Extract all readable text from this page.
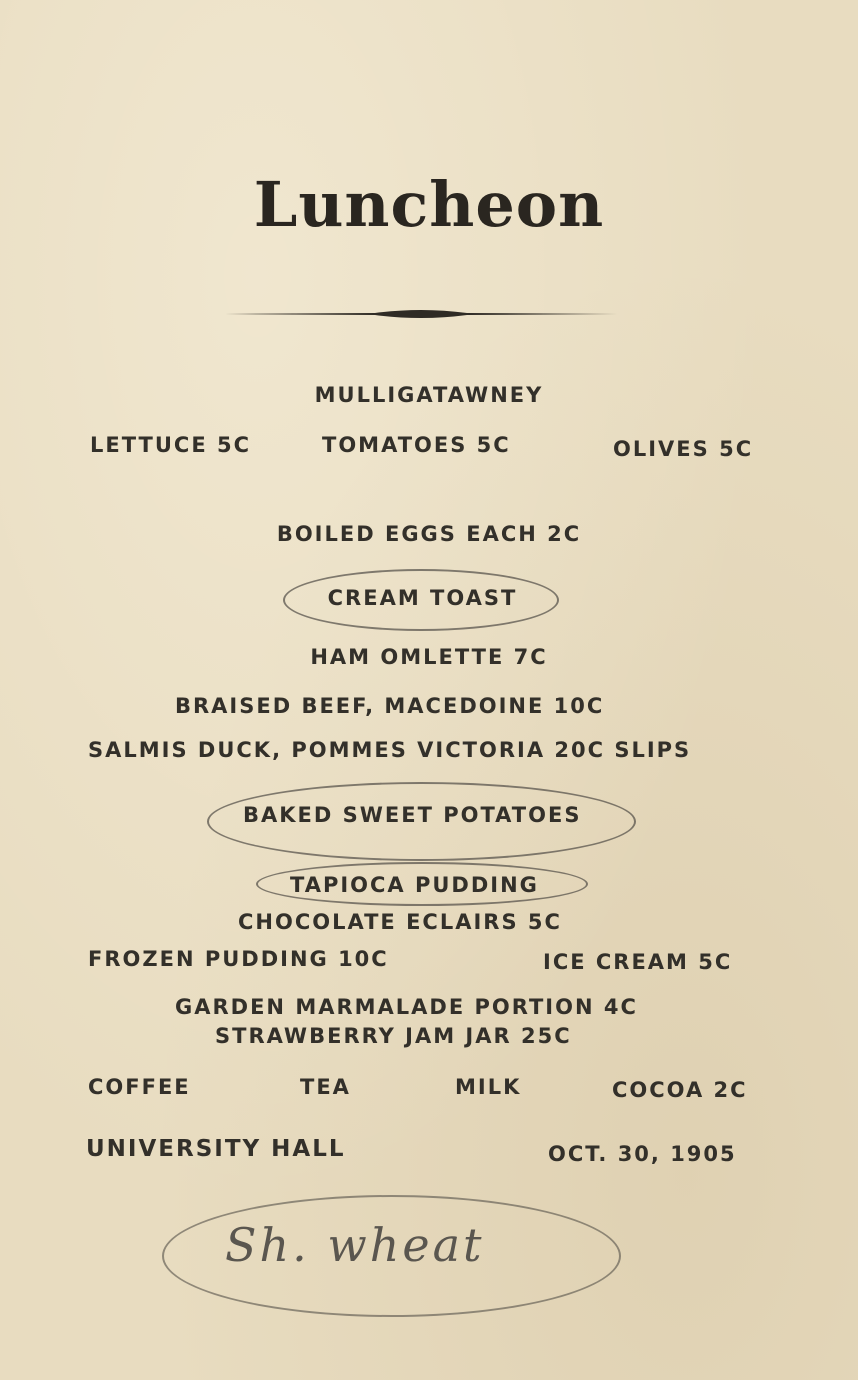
Luncheon
MULLIGATAWNEY
LETTUCE 5C	TOMATOES 5C	OLIVES 5C
BOILED EGGS EACH 2C
CREAM TOAST
HAM OMLETTE 7C
BRAISED BEEF, MACEDOINE 10C
SALMIS DUCK, POMMES VICTORIA 20C SLIPS
BAKED SWEET POTATOES
TAPIOCA PUDDING
CHOCOLATE ECLAIRS 5C
FROZEN PUDDING 10C	ICE CREAM 5C
GARDEN MARMALADE PORTION 4C
STRAWBERRY JAM JAR 25C
COFFEE	TEA	MILK	COCOA 2C
UNIVERSITY HALL	OCT. 30, 1905
Sh. wheat
